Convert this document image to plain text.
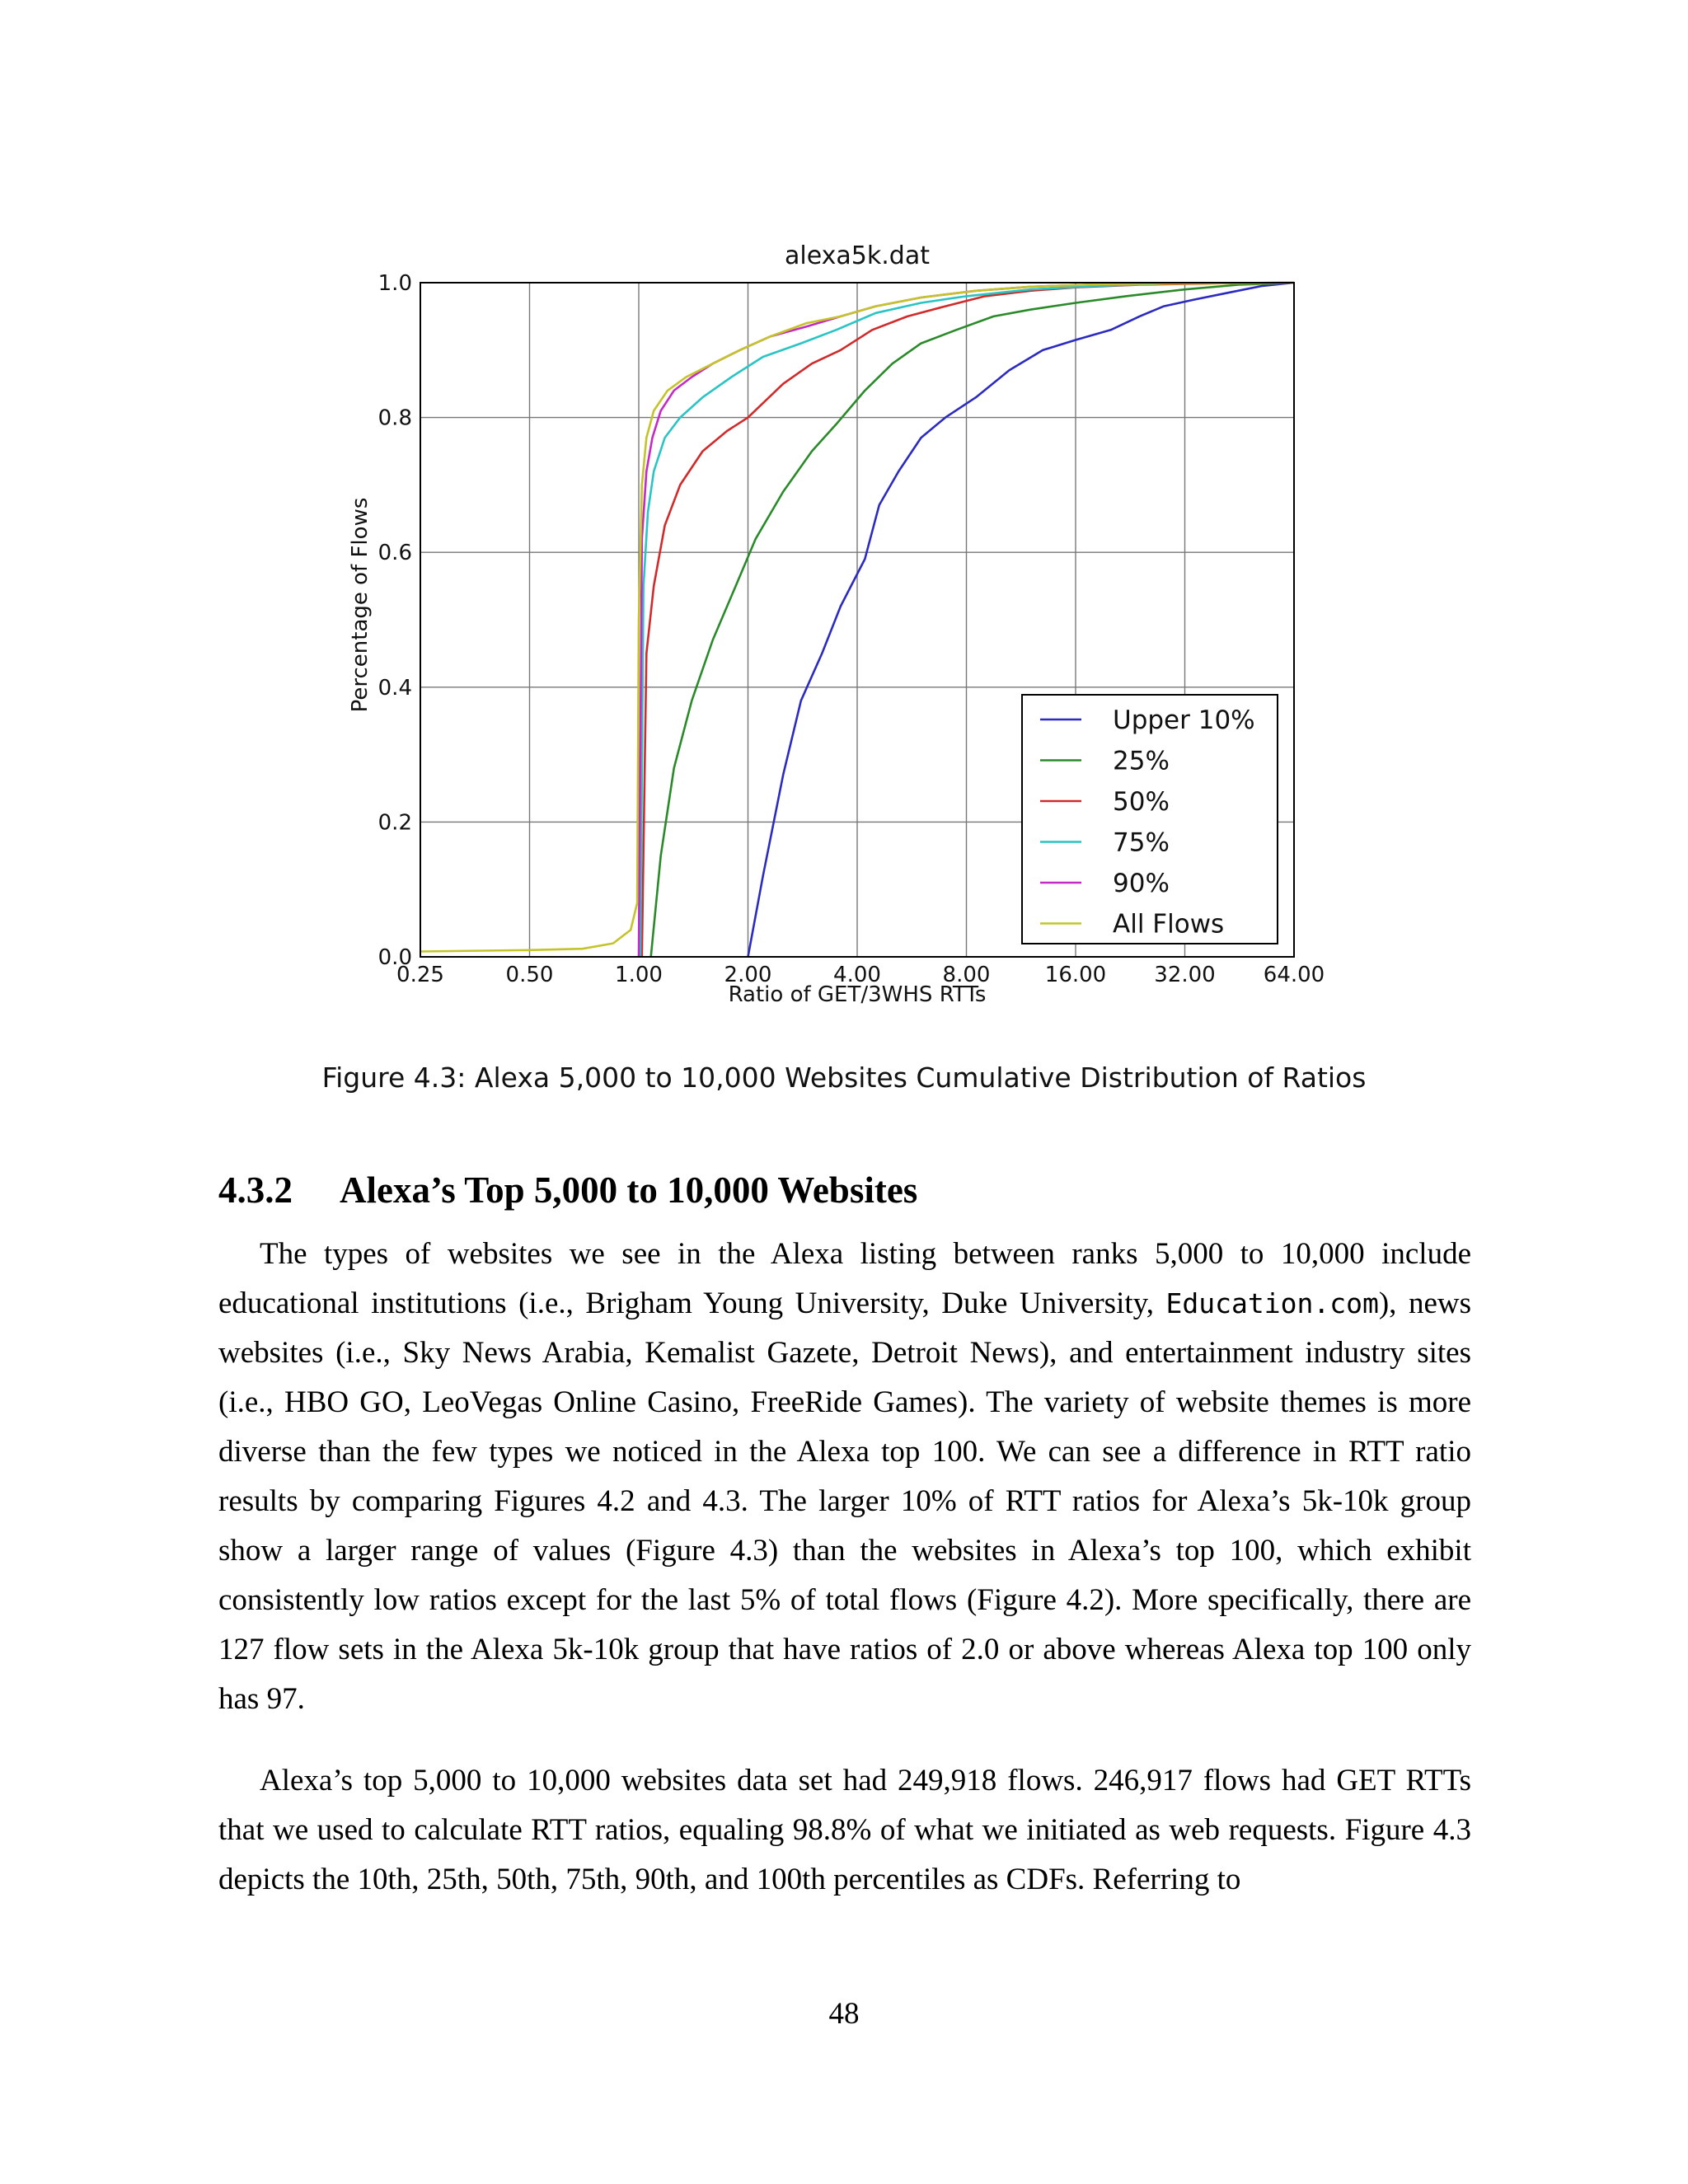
alexa5k.dat
Percentage of Flows
Ratio of GET/3WHS RTTs
0.25	0.50	1.00	2.00	4.00	8.00	16.00 32.00 64.00
0.0
0.2
0.4
0.6
0.8
1.0
Upper 10%
25%
50%
75%
90%
All Flows
Figure 4.3: Alexa 5,000 to 10,000 Websites Cumulative Distribution of Ratios
4.3.2 Alexa’s Top 5,000 to 10,000 Websites

The types of websites we see in the Alexa listing between ranks 5,000 to 10,000 include educational institutions (i.e., Brigham Young University, Duke University, Education.com), news websites (i.e., Sky News Arabia, Kemalist Gazete, Detroit News), and entertainment industry sites (i.e., HBO GO, LeoVegas Online Casino, FreeRide Games). The variety of website themes is more diverse than the few types we noticed in the Alexa top 100. We can see a difference in RTT ratio results by comparing Figures 4.2 and 4.3. The larger 10% of RTT ratios for Alexa’s 5k-10k group show a larger range of values (Figure 4.3) than the websites in Alexa’s top 100, which exhibit consistently low ratios except for the last 5% of total flows (Figure 4.2). More specifically, there are 127 flow sets in the Alexa 5k-10k group that have ratios of 2.0 or above whereas Alexa top 100 only has 97.

Alexa’s top 5,000 to 10,000 websites data set had 249,918 flows. 246,917 flows had GET RTTs that we used to calculate RTT ratios, equaling 98.8% of what we initiated as web requests. Figure 4.3 depicts the 10th, 25th, 50th, 75th, 90th, and 100th percentiles as CDFs. Referring to

48
